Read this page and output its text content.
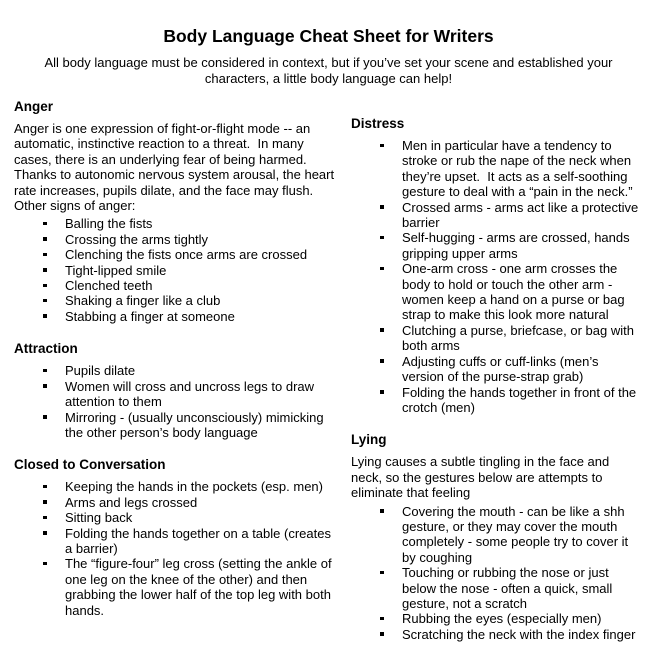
Body Language Cheat Sheet for Writers

All body language must be considered in context, but if you’ve set your scene and established your characters, a little body language can help!

Anger

Anger is one expression of fight-or-flight mode -- an automatic, instinctive reaction to a threat.  In many cases, there is an underlying fear of being harmed.  Thanks to autonomic nervous system arousal, the heart rate increases, pupils dilate, and the face may flush.  Other signs of anger:

Balling the fists
Crossing the arms tightly
Clenching the fists once arms are crossed
Tight-lipped smile
Clenched teeth
Shaking a finger like a club
Stabbing a finger at someone
Attraction
Pupils dilate
Women will cross and uncross legs to draw attention to them
Mirroring - (usually unconsciously) mimicking the other person’s body language
Closed to Conversation
Keeping the hands in the pockets (esp. men)
Arms and legs crossed
Sitting back
Folding the hands together on a table (creates a barrier)
The “figure-four” leg cross (setting the ankle of one leg on the knee of the other) and then grabbing the lower half of the top leg with both hands.
Distress
Men in particular have a tendency to stroke or rub the nape of the neck when they’re upset.  It acts as a self-soothing gesture to deal with a “pain in the neck.”
Crossed arms - arms act like a protective barrier
Self-hugging - arms are crossed, hands gripping upper arms
One-arm cross - one arm crosses the body to hold or touch the other arm - women keep a hand on a purse or bag strap to make this look more natural
Clutching a purse, briefcase, or bag with both arms
Adjusting cuffs or cuff-links (men’s version of the purse-strap grab)
Folding the hands together in front of the crotch (men)
Lying

Lying causes a subtle tingling in the face and neck, so the gestures below are attempts to eliminate that feeling

Covering the mouth - can be like a shh gesture, or they may cover the mouth completely - some people try to cover it by coughing
Touching or rubbing the nose or just below the nose - often a quick, small gesture, not a scratch
Rubbing the eyes (especially men)
Scratching the neck with the index finger
